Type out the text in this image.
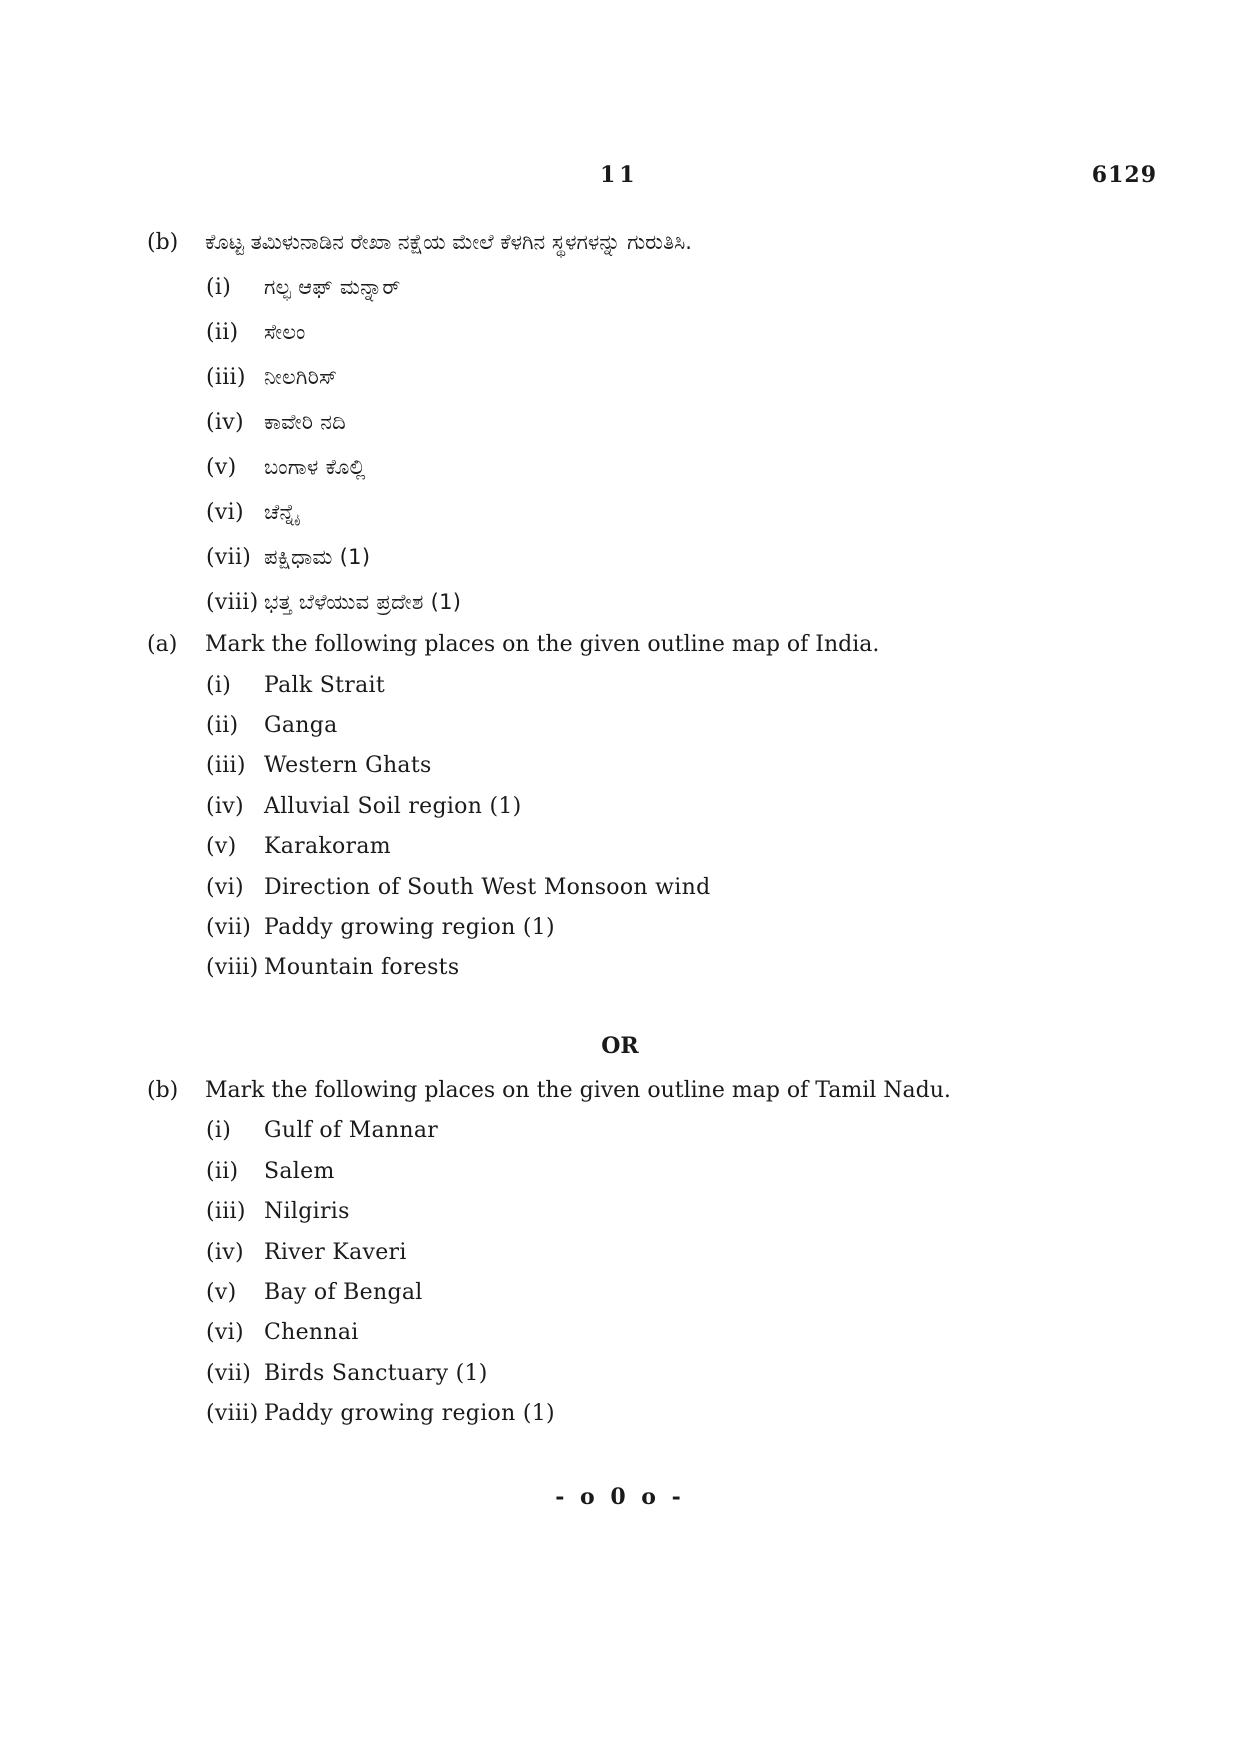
11	6129
(b)	ಕೊಟ್ಟ ತಮಿಳುನಾಡಿನ ರೇಖಾ ನಕ್ಷೆಯ ಮೇಲೆ ಕೆಳಗಿನ ಸ್ಥಳಗಳನ್ನು ಗುರುತಿಸಿ.
(i)	ಗಲ್ಫ ಆಫ್ ಮನ್ನಾರ್
(ii)	ಸೇಲಂ
(iii) ನೀಲಗಿರಿಸ್
(iv) ಕಾವೇರಿ ನದಿ
(v)	ಬಂಗಾಳ ಕೊಲ್ಲಿ
(vi) ಚೆನ್ನೈ
(vii) ಪಕ್ಷಿಧಾಮ (1)
(viii) ಭತ್ತ ಬೆಳೆಯುವ ಪ್ರದೇಶ (1)
(a)	Mark the following places on the given outline map of India.
(i)	Palk Strait
(ii)	Ganga
(iii) Western Ghats
(iv) Alluvial Soil region (1)
(v)	Karakoram
(vi) Direction of South West Monsoon wind
(vii) Paddy growing region (1)
(viii) Mountain forests
OR
(b)	Mark the following places on the given outline map of Tamil Nadu.
(i)	Gulf of Mannar
(ii)	Salem
(iii) Nilgiris
(iv) River Kaveri
(v)	Bay of Bengal
(vi) Chennai
(vii) Birds Sanctuary (1)
(viii) Paddy growing region (1)
- o 0 o -
